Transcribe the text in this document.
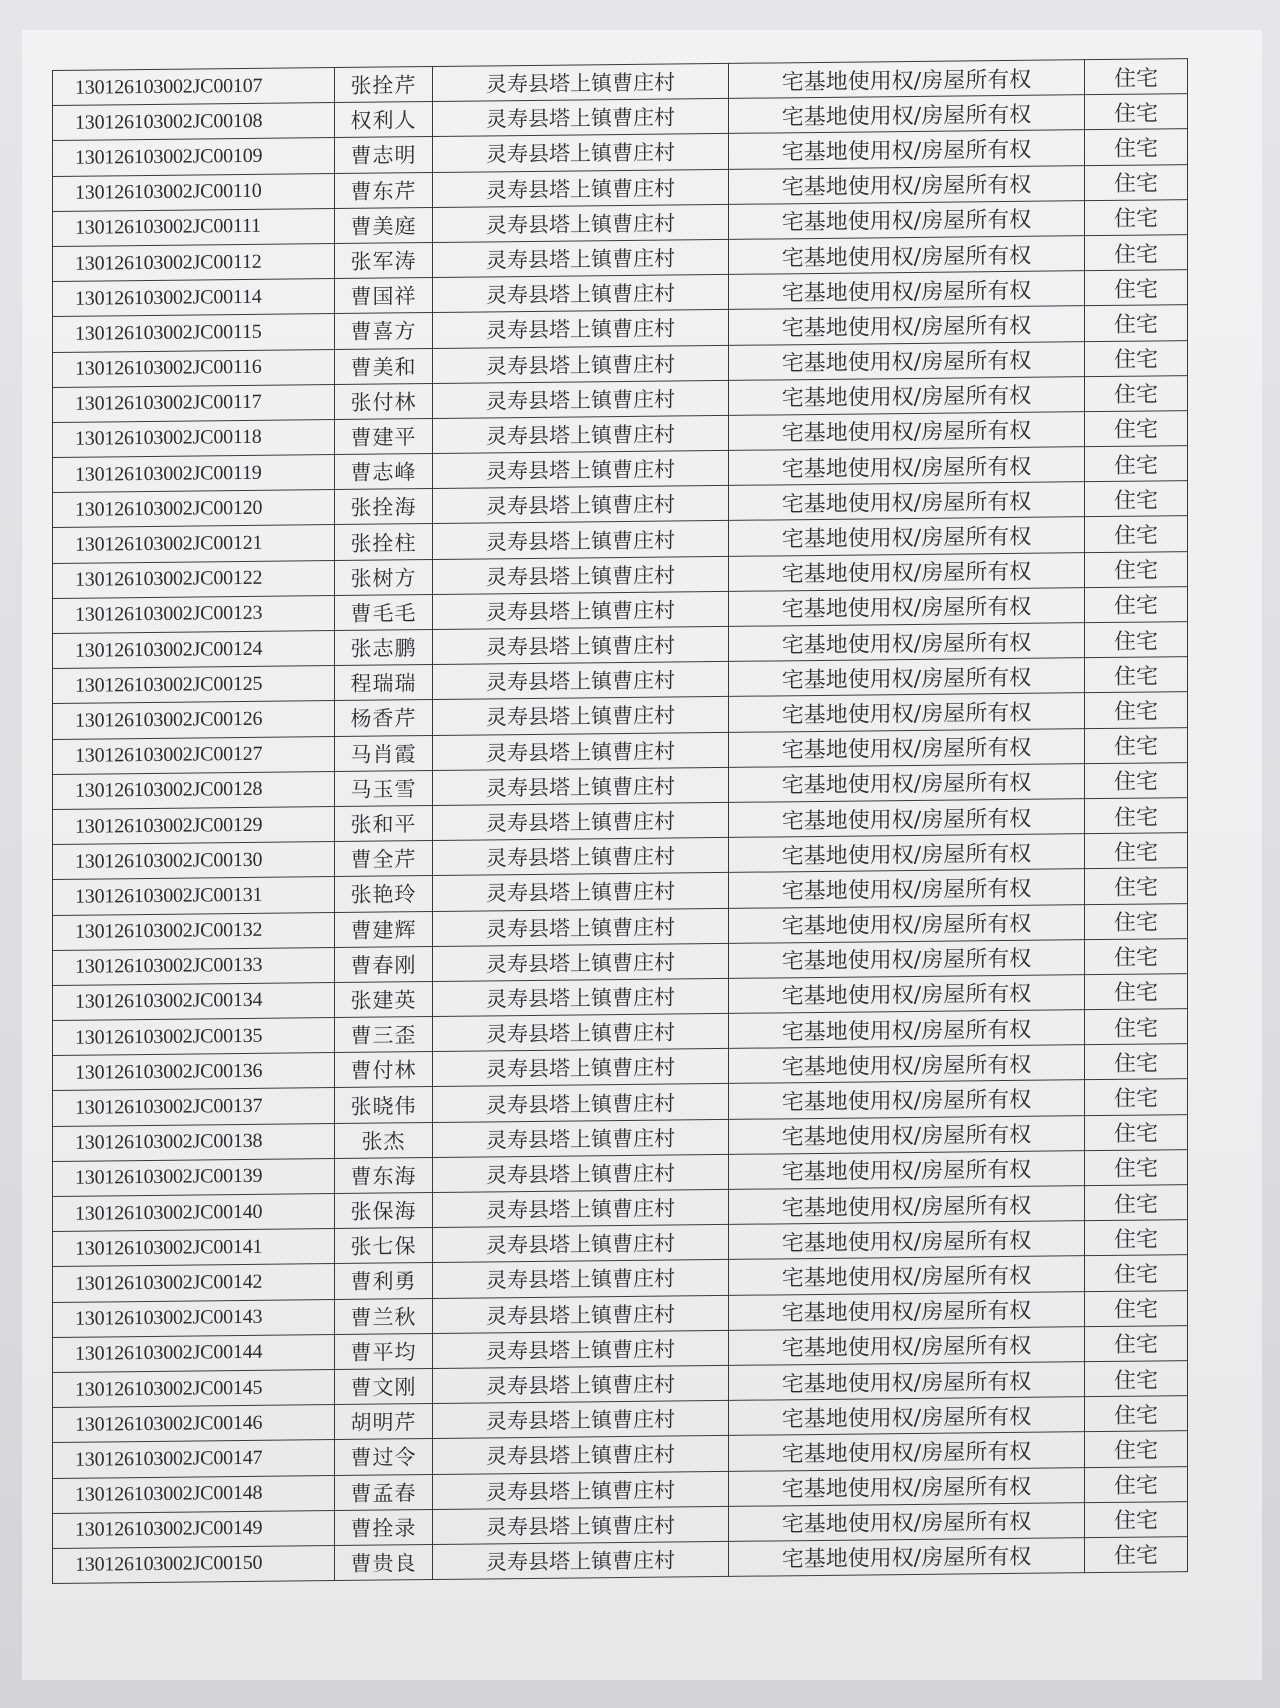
130126103002JC00107	张拴芹	灵寿县塔上镇曹庄村	宅基地使用权/房屋所有权	住宅
130126103002JC00108	权利人	灵寿县塔上镇曹庄村	宅基地使用权/房屋所有权	住宅
130126103002JC00109	曹志明	灵寿县塔上镇曹庄村	宅基地使用权/房屋所有权	住宅
130126103002JC00110	曹东芹	灵寿县塔上镇曹庄村	宅基地使用权/房屋所有权	住宅
130126103002JC00111	曹美庭	灵寿县塔上镇曹庄村	宅基地使用权/房屋所有权	住宅
130126103002JC00112	张军涛	灵寿县塔上镇曹庄村	宅基地使用权/房屋所有权	住宅
130126103002JC00114	曹国祥	灵寿县塔上镇曹庄村	宅基地使用权/房屋所有权	住宅
130126103002JC00115	曹喜方	灵寿县塔上镇曹庄村	宅基地使用权/房屋所有权	住宅
130126103002JC00116	曹美和	灵寿县塔上镇曹庄村	宅基地使用权/房屋所有权	住宅
130126103002JC00117	张付林	灵寿县塔上镇曹庄村	宅基地使用权/房屋所有权	住宅
130126103002JC00118	曹建平	灵寿县塔上镇曹庄村	宅基地使用权/房屋所有权	住宅
130126103002JC00119	曹志峰	灵寿县塔上镇曹庄村	宅基地使用权/房屋所有权	住宅
130126103002JC00120	张拴海	灵寿县塔上镇曹庄村	宅基地使用权/房屋所有权	住宅
130126103002JC00121	张拴柱	灵寿县塔上镇曹庄村	宅基地使用权/房屋所有权	住宅
130126103002JC00122	张树方	灵寿县塔上镇曹庄村	宅基地使用权/房屋所有权	住宅
130126103002JC00123	曹毛毛	灵寿县塔上镇曹庄村	宅基地使用权/房屋所有权	住宅
130126103002JC00124	张志鹏	灵寿县塔上镇曹庄村	宅基地使用权/房屋所有权	住宅
130126103002JC00125	程瑞瑞	灵寿县塔上镇曹庄村	宅基地使用权/房屋所有权	住宅
130126103002JC00126	杨香芹	灵寿县塔上镇曹庄村	宅基地使用权/房屋所有权	住宅
130126103002JC00127	马肖霞	灵寿县塔上镇曹庄村	宅基地使用权/房屋所有权	住宅
130126103002JC00128	马玉雪	灵寿县塔上镇曹庄村	宅基地使用权/房屋所有权	住宅
130126103002JC00129	张和平	灵寿县塔上镇曹庄村	宅基地使用权/房屋所有权	住宅
130126103002JC00130	曹全芹	灵寿县塔上镇曹庄村	宅基地使用权/房屋所有权	住宅
130126103002JC00131	张艳玲	灵寿县塔上镇曹庄村	宅基地使用权/房屋所有权	住宅
130126103002JC00132	曹建辉	灵寿县塔上镇曹庄村	宅基地使用权/房屋所有权	住宅
130126103002JC00133	曹春刚	灵寿县塔上镇曹庄村	宅基地使用权/房屋所有权	住宅
130126103002JC00134	张建英	灵寿县塔上镇曹庄村	宅基地使用权/房屋所有权	住宅
130126103002JC00135	曹三歪	灵寿县塔上镇曹庄村	宅基地使用权/房屋所有权	住宅
130126103002JC00136	曹付林	灵寿县塔上镇曹庄村	宅基地使用权/房屋所有权	住宅
130126103002JC00137	张晓伟	灵寿县塔上镇曹庄村	宅基地使用权/房屋所有权	住宅
130126103002JC00138	张杰	灵寿县塔上镇曹庄村	宅基地使用权/房屋所有权	住宅
130126103002JC00139	曹东海	灵寿县塔上镇曹庄村	宅基地使用权/房屋所有权	住宅
130126103002JC00140	张保海	灵寿县塔上镇曹庄村	宅基地使用权/房屋所有权	住宅
130126103002JC00141	张七保	灵寿县塔上镇曹庄村	宅基地使用权/房屋所有权	住宅
130126103002JC00142	曹利勇	灵寿县塔上镇曹庄村	宅基地使用权/房屋所有权	住宅
130126103002JC00143	曹兰秋	灵寿县塔上镇曹庄村	宅基地使用权/房屋所有权	住宅
130126103002JC00144	曹平均	灵寿县塔上镇曹庄村	宅基地使用权/房屋所有权	住宅
130126103002JC00145	曹文刚	灵寿县塔上镇曹庄村	宅基地使用权/房屋所有权	住宅
130126103002JC00146	胡明芹	灵寿县塔上镇曹庄村	宅基地使用权/房屋所有权	住宅
130126103002JC00147	曹过令	灵寿县塔上镇曹庄村	宅基地使用权/房屋所有权	住宅
130126103002JC00148	曹孟春	灵寿县塔上镇曹庄村	宅基地使用权/房屋所有权	住宅
130126103002JC00149	曹拴录	灵寿县塔上镇曹庄村	宅基地使用权/房屋所有权	住宅
130126103002JC00150	曹贵良	灵寿县塔上镇曹庄村	宅基地使用权/房屋所有权	住宅
